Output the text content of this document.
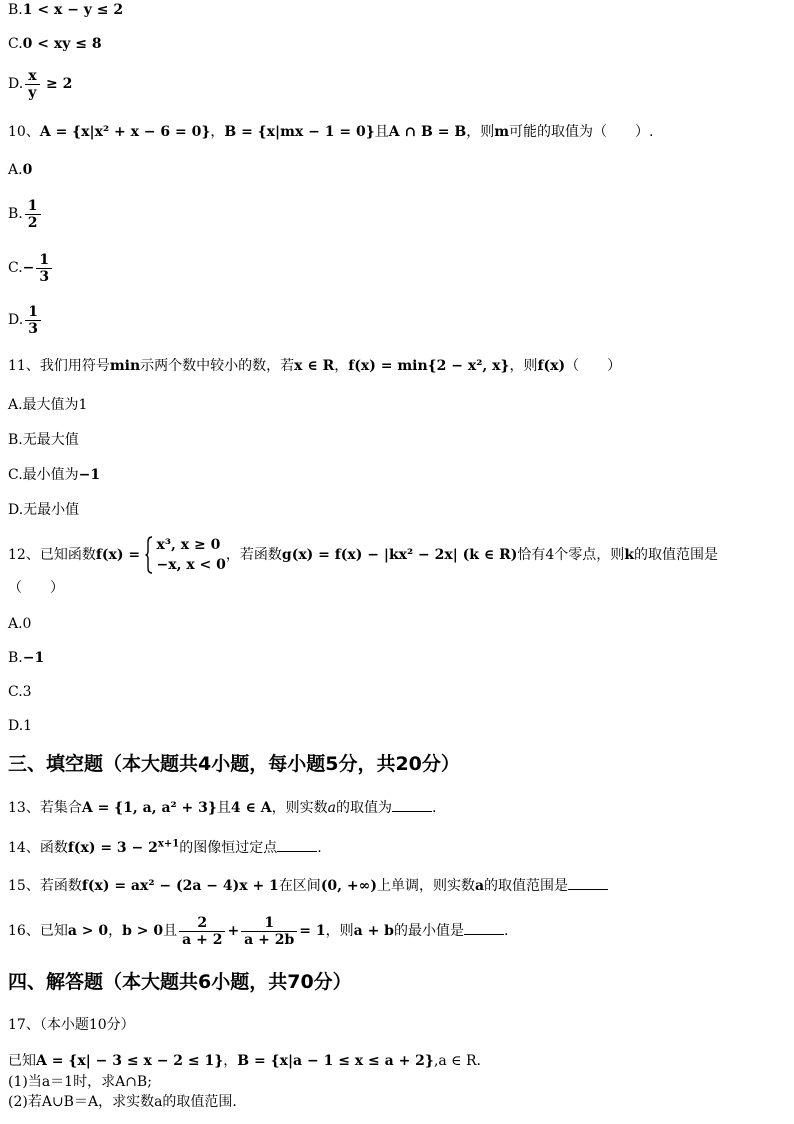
B.1 < x − y ≤ 2
C.0 < xy ≤ 8
D. $\frac{x}{y} \ge 2$
10、A = {x|x² + x − 6 = 0}，B = {x|mx − 1 = 0}且A ∩ B = B，则m可能的取值为（　　）.
A.0
B. $\frac{1}{2}$
$C.- \frac{1}{3}$
D. $\frac{1}{3}$
11、我们用符号min示两个数中较小的数，若x ∈ R，f(x) = min{2 − x², x}，则f(x)（　　）
A.最大值为1
B.无最大值
C.最小值为−1
D.无最小值
12、已知函数f(x) =
x³, x ≥ 0
−x, x < 0
，若函数g(x) = f(x) − |kx² − 2x| (k ∈ R)恰有4个零点，则k的取值范围是
（　　）
A.0
B.−1
C.3
D.1
三、填空题（本大题共4小题，每小题5分，共20分）
13、若集合A = {1, a, a² + 3}且4 ∈ A，则实数a的取值为	.
14、函数$f(x) = 3 - 2^{x+1}$的图像恒过定点	.
15、若函数f(x) = ax² − (2a − 4)x + 1在区间(0, +∞)上单调，则实数a的取值范围是
16、已知a > 0，b > 0且 $\frac{2}{a + 2} + \frac{1}{a + 2b} = 1$，则a + b的最小值是	.
四、解答题（本大题共6小题，共70分）
17、（本小题10分）
已知A = {x| − 3 ≤ x − 2 ≤ 1}，B = {x|a − 1 ≤ x ≤ a + 2},a ∈ R.
(1)当a＝1时，求A∩B;
(2)若A∪B＝A，求实数a的取值范围.
